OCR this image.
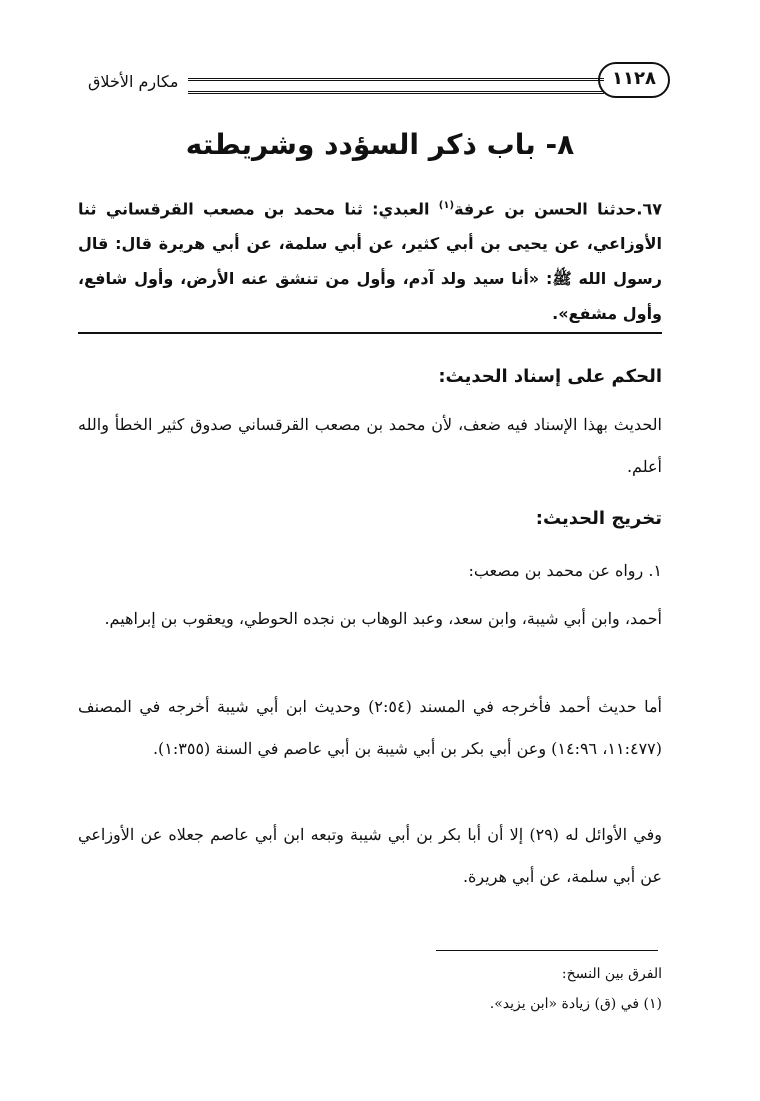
١١٢٨
مكارم الأخلاق
٨- باب ذكر السؤدد وشريطته
٦٧.حدثنا الحسن بن عرفة$^{(١)}$ العبدي: ثنا محمد بن مصعب القرقساني ثنا الأوزاعي، عن يحيى بن أبي كثير، عن أبي سلمة، عن أبي هريرة قال: قال رسول الله ﷺ: «أنا سيد ولد آدم، وأول من تنشق عنه الأرض، وأول شافع، وأول مشفع».
الحكم على إسناد الحديث:
الحديث بهذا الإسناد فيه ضعف، لأن محمد بن مصعب القرقساني صدوق كثير الخطأ والله أعلم.
تخريج الحديث:
١. رواه عن محمد بن مصعب:
أحمد، وابن أبي شيبة، وابن سعد، وعبد الوهاب بن نجده الحوطي، ويعقوب بن إبراهيم.
أما حديث أحمد فأخرجه في المسند (٢:٥٤) وحديث ابن أبي شيبة أخرجه في المصنف (١١:٤٧٧، ١٤:٩٦) وعن أبي بكر بن أبي شيبة بن أبي عاصم في السنة (١:٣٥٥).
وفي الأوائل له (٢٩) إلا أن أبا بكر بن أبي شيبة وتبعه ابن أبي عاصم جعلاه عن الأوزاعي عن أبي سلمة، عن أبي هريرة.
الفرق بين النسخ:
(١) في (ق) زيادة «ابن يزيد».
